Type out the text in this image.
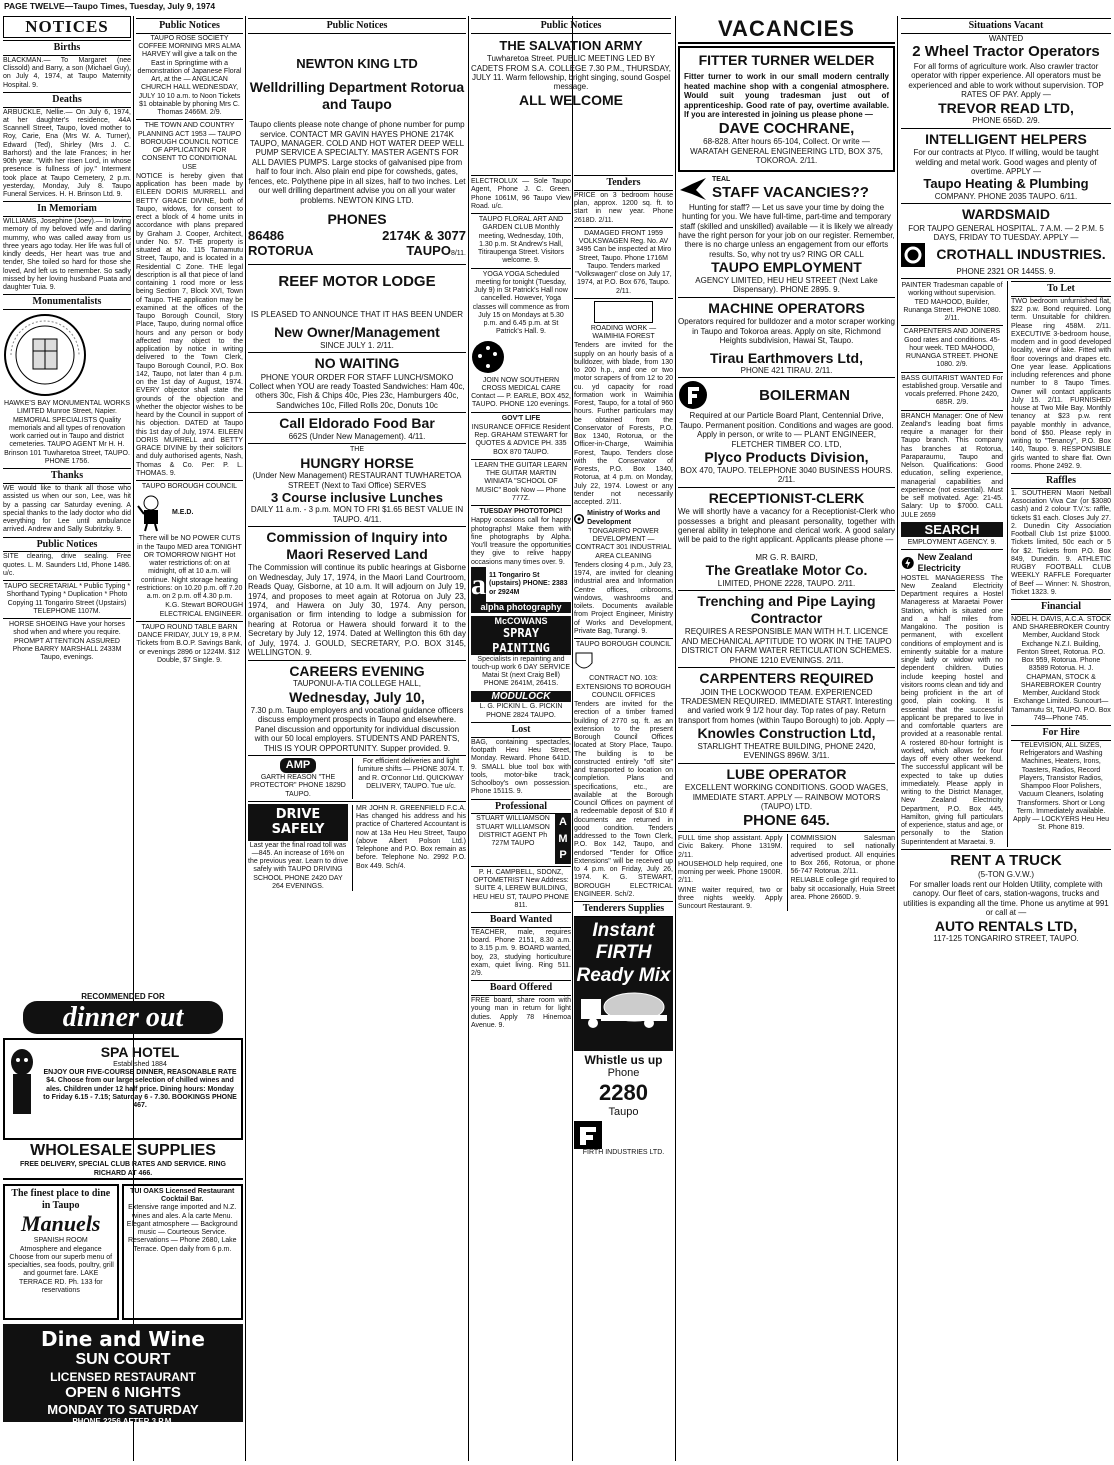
PAGE TWELVE—Taupo Times, Tuesday, July 9, 1974
NOTICES
Births
BLACKMAN.— To Margaret (nee Clissold) and Barry, a son (Michael Guy), on July 4, 1974, at Taupo Maternity Hospital. 9.
Deaths
ARBUCKLE, Nellie.— On July 6, 1974, at her daughter's residence, 44A Scannell Street, Taupo, loved mother to Roy, Carie, Ena (Mrs W. A. Turner), Edward (Ted), Shirley (Mrs J. C. Barhorst) and the late Frances; in her 90th year. "With her risen Lord, in whose presence is fullness of joy." Interment took place at Taupo Cemetery, 2 p.m. yesterday, Monday, July 8. Taupo Funeral Services. H. H. Brinson Ltd. 9.
In Memoriam
WILLIAMS, Josephine (Joey).— In loving memory of my beloved wife and darling mummy, who was called away from us three years ago today. Her life was full of kindly deeds, Her heart was true and tender, She toiled so hard for those she loved, And left us to remember. So sadly missed by her loving husband Puata and daughter Tuia. 9.
Monumentalists
HAWKE'S BAY MONUMENTAL WORKS LIMITED Munroe Street, Napier. MEMORIAL SPECIALISTS Quality memorials and all types of renovation work carried out in Taupo and district cemeteries. TAUPO AGENT Mr H. H. Brinson 101 Tuwharetoa Street, TAUPO. PHONE 1756.
Thanks
WE would like to thank all those who assisted us when our son, Lee, was hit by a passing car Saturday evening. A special thanks to the lady doctor who did everything for Lee until ambulance arrived. Andrew and Sally Subritzky. 9.
Public Notices
SITE clearing, drive sealing. Free quotes. L. M. Saunders Ltd, Phone 1486. u/c.
TAUPO SECRETARIAL * Public Typing * Shorthand Typing * Duplication * Photo Copying 11 Tongariro Street (Upstairs) TELEPHONE 1107M.
HORSE SHOEING Have your horses shod when and where you require. PROMPT ATTENTION ASSURED Phone BARRY MARSHALL 2433M Taupo, evenings.
Public Notices
TAUPO ROSE SOCIETY COFFEE MORNING MRS ALMA HARVEY will give a talk on the East in Springtime with a demonstration of Japanese Floral Art, at the — ANGLICAN CHURCH HALL WEDNESDAY, JULY 10 10 a.m. to Noon Tickets $1 obtainable by phoning Mrs C. Thomas 2466M. 2/9.
THE TOWN AND COUNTRY PLANNING ACT 1953 — TAUPO BOROUGH COUNCIL NOTICE OF APPLICATION FOR CONSENT TO CONDITIONAL USE
NOTICE is hereby given that application has been made by EILEEN DORIS MURRELL and BETTY GRACE DIVINE, both of Taupo, widows, for consent to erect a block of 4 home units in accordance with plans prepared by Graham J. Cooper, Architect, under No. 57. THE property is situated at No. 115 Tamamutu Street, Taupo, and is located in a Residential C Zone. THE legal description is all that piece of land containing 1 rood more or less being Section 7, Block XVI, Town of Taupo. THE application may be examined at the offices of the Taupo Borough Council, Story Place, Taupo, during normal office hours and any person or body affected may object to the application by notice in writing delivered to the Town Clerk, Taupo Borough Council, P.O. Box 142, Taupo, not later than 4 p.m. on the 1st day of August, 1974. EVERY objector shall state the grounds of the objection and whether the objector wishes to be heard by the Council in support of his objection. DATED at Taupo this 1st day of July, 1974. EILEEN DORIS MURRELL and BETTY GRACE DIVINE by their solicitors and duly authorised agents, Nash, Thomas & Co. Per: P. L. THOMAS. 9.
TAUPO BOROUGH COUNCIL
M.E.D.
There will be NO POWER CUTS in the Taupo MED area TONIGHT OR TOMORROW NIGHT Hot water restrictions of: on at midnight, off at 10 a.m. will continue. Night storage heating restrictions: on 10.20 p.m. off 7.20 a.m. on 2 p.m. off 4.30 p.m.
K.G. Stewart BOROUGH ELECTRICAL ENGINEER.
TAUPO ROUND TABLE BARN DANCE FRIDAY, JULY 19, 8 P.M. Tickets from B.O.P. Savings Bank, or evenings 2896 or 1224M. $12 Double, $7 Single. 9.
RECOMMENDED FOR
dinner out
SPA HOTEL
Established 1884
ENJOY OUR FIVE-COURSE DINNER, REASONABLE RATE $4. Choose from our large selection of chilled wines and ales. Children under 12 half price. Dining hours: Monday to Friday 6.15 - 7.15; Saturday 6 - 7.30. BOOKINGS PHONE 467.
WHOLESALE SUPPLIES
FREE DELIVERY, SPECIAL CLUB RATES AND SERVICE. RING RICHARD AT 466.
The finest place to dine in Taupo
Manuels
SPANISH ROOM
Atmosphere and elegance Choose from our superb menu of specialties, sea foods, poultry, grill and gourmet fare. LAKE TERRACE RD. Ph. 133 for reservations
TUI OAKS Licensed Restaurant Cocktail Bar.
Extensive range imported and N.Z. wines and ales. A la carte Menu. Elegant atmosphere — Background music — Courteous Service. Reservations — Phone 2680, Lake Terrace. Open daily from 6 p.m.
Dine and Wine
SUN COURT
LICENSED RESTAURANT
OPEN 6 NIGHTS
MONDAY TO SATURDAY
PHONE 2256 AFTER 3 P.M.
Public Notices
NEWTON KING LTD
Welldrilling Department Rotorua and Taupo
Taupo clients please note change of phone number for pump service. CONTACT MR GAVIN HAYES PHONE 2174K TAUPO, MANAGER. COLD AND HOT WATER DEEP WELL PUMP SERVICE A SPECIALTY. MASTER AGENTS FOR ALL DAVIES PUMPS. Large stocks of galvanised pipe from half to four inch. Also plain end pipe for cowsheds, gates, fences, etc. Polythene pipe in all sizes, half to two inches. Let our well drilling department advise you on all your water problems. NEWTON KING LTD.
PHONES
86486	2174K & 3077
ROTORUA	TAUPO8/11.
REEF MOTOR LODGE
IS PLEASED TO ANNOUNCE THAT IT HAS BEEN UNDER
New Owner/Management
SINCE JULY 1. 2/11.
NO WAITING
PHONE YOUR ORDER FOR STAFF LUNCH/SMOKO Collect when YOU are ready Toasted Sandwiches: Ham 40c, others 30c, Fish & Chips 40c, Pies 23c, Hamburgers 40c, Sandwiches 10c, Filled Rolls 20c, Donuts 10c
Call Eldorado Food Bar
662S (Under New Management). 4/11.
THE
HUNGRY HORSE
(Under New Management) RESTAURANT TUWHARETOA STREET (Next to Taxi Office) SERVES
3 Course inclusive Lunches
DAILY 11 a.m. - 3 p.m. MON TO FRI $1.65 BEST VALUE IN TAUPO. 4/11.
Commission of Inquiry into Maori Reserved Land
The Commission will continue its public hearings at Gisborne on Wednesday, July 17, 1974, in the Maori Land Courtroom, Reads Quay, Gisborne, at 10 a.m. It will adjourn on July 19, 1974, and proposes to meet again at Rotorua on July 23, 1974, and Hawera on July 30, 1974. Any person, organisation or firm intending to lodge a submission for hearing at Rotorua or Hawera should forward it to the Secretary by July 12, 1974. Dated at Wellington this 6th day of July, 1974. J. GOULD, SECRETARY, P.O. BOX 3145, WELLINGTON. 9.
CAREERS EVENING
TAUPONUI-A-TIA COLLEGE HALL,
Wednesday, July 10,
7.30 p.m. Taupo employers and vocational guidance officers discuss employment prospects in Taupo and elsewhere. Panel discussion and opportunity for individual discussion with our 50 local employers. STUDENTS AND PARENTS, THIS IS YOUR OPPORTUNITY. Supper provided. 9.
AMP
GARTH REASON "THE PROTECTOR" PHONE 1829D TAUPO.
For efficient deliveries and light furniture shifts — PHONE 3074. T. and R. O'Connor Ltd. QUICKWAY DELIVERY, TAUPO. Tue u/c.
DRIVE SAFELY
Last year the final road toll was —845. An increase of 16% on the previous year. Learn to drive safely with TAUPO DRIVING SCHOOL PHONE 2420 DAY 264 EVENINGS.
MR JOHN R. GREENFIELD F.C.A. Has changed his address and his practice of Chartered Accountant is now at 13a Heu Heu Street, Taupo (above Albert Polson Ltd.) Telephone and P.O. Box remain as before. Telephone No. 2992 P.O. Box 449. Sch/4.
Public Notices
THE SALVATION ARMY
Tuwharetoa Street. PUBLIC MEETING LED BY CADETS FROM S.A. COLLEGE 7.30 P.M., THURSDAY, JULY 11. Warm fellowship, bright singing, sound Gospel message.
ALL WELCOME
ELECTROLUX — Sole Taupo Agent, Phone J. C. Green. Phone 1061M, 96 Taupo View Road. u/c.
TAUPO FLORAL ART AND GARDEN CLUB Monthly meeting, Wednesday, 10th, 1.30 p.m. St Andrew's Hall, Titiraupenga Street. Visitors welcome. 9.
YOGA YOGA Scheduled meeting for tonight (Tuesday, July 9) in St Patrick's Hall now cancelled. However, Yoga classes will commence as from July 15 on Mondays at 5.30 p.m. and 6.45 p.m. at St Patrick's Hall. 9.
JOIN NOW SOUTHERN CROSS MEDICAL CARE Contact — P. EARLE, BOX 452, TAUPO. PHONE 120 evenings.
GOV'T LIFE
INSURANCE OFFICE Resident Rep. GRAHAM STEWART for QUOTES & ADVICE PH. 335 BOX 870 TAUPO.
LEARN THE GUITAR LEARN THE GUITAR MARTIN WINIATA "SCHOOL OF MUSIC" Book Now — Phone 777Z.
TUESDAY PHOTOTOPIC!
Happy occasions call for happy photographs! Make them with fine photographs by Alpha. You'll treasure the opportunities they give to relive happy occasions many times over. 9.
a 11 Tongariro St (upstairs) PHONE: 2383 or 2924M
alpha photography
McCOWANS
SPRAY PAINTING
Specialists in repainting and touch-up work 6 DAY SERVICE Matai St (next Craig Bell) PHONE 2641M, 2641S.
MODULOCK
L. G. PICKIN L. G. PICKIN PHONE 2824 TAUPO.
Lost
BAG, containing spectacles, footpath Heu Heu Street, Monday. Reward. Phone 641D. 9. SMALL blue tool box with tools, motor-bike track, Schoolboy's own possession. Phone 1511S. 9.
Professional
STUART WILLIAMSON STUART WILLIAMSON DISTRICT AGENT Ph 727M TAUPO
A M P
P. H. CAMPBELL, SDONZ, OPTOMETRIST New Address: SUITE 4, LEREW BUILDING, HEU HEU ST, TAUPO PHONE 811.
Board Wanted
TEACHER, male, requires board. Phone 2151, 8.30 a.m. to 3.15 p.m. 9. BOARD wanted, boy, 23, studying horticulture exam, quiet living. Ring 511. 2/9.
Board Offered
FREE board, share room with young man in return for light duties. Apply 78 Hinemoa Avenue. 9.
Tenders
PRICE on 3 bedroom house plan, approx. 1200 sq. ft. to start in new year. Phone 2618D. 2/11.
DAMAGED FRONT 1959 VOLKSWAGEN Reg. No. AV 3495 Can be inspected at Miro Street, Taupo. Phone 1716M Taupo. Tenders marked "Volkswagen" close on July 17, 1974, at P.O. Box 676, Taupo. 2/11.
ROADING WORK — WAIMIHIA FOREST
Tenders are invited for the supply on an hourly basis of a bulldozer, with blade, from 130 to 200 h.p., and one or two motor scrapers of from 12 to 20 cu. yd capacity for road formation work in Waimihia Forest, Taupo, for a total of 960 hours. Further particulars may be obtained from the Conservator of Forests, P.O. Box 1340, Rotorua, or the Officer-in-Charge, Waimihia Forest, Taupo. Tenders close with the Conservator of Forests, P.O. Box 1340, Rotorua, at 4 p.m. on Monday, July 22, 1974. Lowest or any tender not necessarily accepted. 2/11.
Ministry of Works and Development
TONGARIRO POWER DEVELOPMENT — CONTRACT 301 INDUSTRIAL AREA CLEANING
Tenders closing 4 p.m., July 23, 1974, are invited for cleaning industrial area and Information Centre offices, cribrooms, windows, washrooms and toilets. Documents available from Project Engineer, Ministry of Works and Development, Private Bag, Turangi. 9.
TAUPO BOROUGH COUNCIL
CONTRACT NO. 103: EXTENSIONS TO BOROUGH COUNCIL OFFICES
Tenders are invited for the erection of a timber framed building of 2770 sq. ft. as an extension to the present Borough Council Offices located at Story Place, Taupo. The building is to be constructed entirely "off site" and transported to location on completion. Plans and specifications, etc., are available at the Borough Council Offices on payment of a redeemable deposit of $10 if documents are returned in good condition. Tenders addressed to the Town Clerk, P.O. Box 142, Taupo, and endorsed "Tender for Office Extensions" will be received up to 4 p.m. on Friday, July 26, 1974. K. G. STEWART, BOROUGH ELECTRICAL ENGINEER. Sch/2.
Tenderers Supplies
Instant
FIRTH
Ready Mix
Whistle us up
Phone
2280
Taupo
FIRTH INDUSTRIES LTD.
VACANCIES
FITTER TURNER WELDER
Fitter turner to work in our small modern centrally heated machine shop with a congenial atmosphere. Would suit young tradesman just out of apprenticeship. Good rate of pay, overtime available. If you are interested in joining us please phone —
DAVE COCHRANE,
68-828. After hours 65-104, Collect. Or write — WARATAH GENERAL ENGINEERING LTD, BOX 375, TOKOROA. 2/11.
TEAL
STAFF VACANCIES??
Hunting for staff? — Let us save your time by doing the hunting for you. We have full-time, part-time and temporary staff (skilled and unskilled) available — it is likely we already have the right person for your job on our register. Remember, there is no charge unless an engagement from our efforts results. So, why not try us? RING OR CALL
TAUPO EMPLOYMENT
AGENCY LIMITED, HEU HEU STREET (Next Lake Dispensary). PHONE 2895. 9.
MACHINE OPERATORS
Operators required for bulldozer and a motor scraper working in Taupo and Tokoroa areas. Apply on site, Richmond Heights subdivision, Hawai St, Taupo.
Tirau Earthmovers Ltd,
PHONE 421 TIRAU. 2/11.
BOILERMAN
Required at our Particle Board Plant, Centennial Drive, Taupo. Permanent position. Conditions and wages are good. Apply in person, or write to — PLANT ENGINEER, FLETCHER TIMBER CO. LTD,
Plyco Products Division,
BOX 470, TAUPO. TELEPHONE 3040 BUSINESS HOURS. 2/11.
RECEPTIONIST-CLERK
We will shortly have a vacancy for a Receptionist-Clerk who possesses a bright and pleasant personality, together with general ability in telephone and clerical work. A good salary will be paid to the right applicant. Applicants please phone —
MR G. R. BAIRD,
The Greatlake Motor Co.
LIMITED, PHONE 2228, TAUPO. 2/11.
Trenching and Pipe Laying Contractor
REQUIRES A RESPONSIBLE MAN WITH H.T. LICENCE AND MECHANICAL APTITUDE TO WORK IN THE TAUPO DISTRICT ON FARM WATER RETICULATION SCHEMES. PHONE 1210 EVENINGS. 2/11.
CARPENTERS REQUIRED
JOIN THE LOCKWOOD TEAM. EXPERIENCED TRADESMEN REQUIRED. IMMEDIATE START. Interesting and varied work 9 1/2 hour day. Top rates of pay. Return transport from homes (within Taupo Borough) to job. Apply —
Knowles Construction Ltd,
STARLIGHT THEATRE BUILDING, PHONE 2420, EVENINGS 896W. 3/11.
LUBE OPERATOR
EXCELLENT WORKING CONDITIONS. GOOD WAGES, IMMEDIATE START. APPLY — RAINBOW MOTORS (TAUPO) LTD.
PHONE 645.
FULL time shop assistant. Apply Civic Bakery. Phone 1319M. 2/11.
HOUSEHOLD help required, one morning per week. Phone 1900R. 2/11.
WINE waiter required, two or three nights weekly. Apply Suncourt Restaurant. 9.
COMMISSION Salesman required to sell nationally advertised product. All enquiries to Box 266, Rotorua, or phone 56-747 Rotorua. 2/11.
RELIABLE college girl required to baby sit occasionally, Huia Street area. Phone 2660D. 9.
Situations Vacant
WANTED
2 Wheel Tractor Operators
For all forms of agriculture work. Also crawler tractor operator with ripper experience. All operators must be experienced and able to work without supervision. TOP RATES OF PAY. Apply —
TREVOR READ LTD,
PHONE 656D. 2/9.
INTELLIGENT HELPERS
For our contracts at Plyco. If willing, would be taught welding and metal work. Good wages and plenty of overtime. APPLY —
Taupo Heating & Plumbing
COMPANY. PHONE 2035 TAUPO. 6/11.
WARDSMAID
FOR TAUPO GENERAL HOSPITAL. 7 A.M. — 2 P.M. 5 DAYS, FRIDAY TO TUESDAY. APPLY —
CROTHALL INDUSTRIES.
PHONE 2321 OR 1445S. 9.
PAINTER Tradesman capable of working without supervision. TED MAHOOD, Builder, Runanga Street. PHONE 1080. 2/11.
CARPENTERS AND JOINERS Good rates and conditions. 45-hour week. TED MAHOOD, RUNANGA STREET. PHONE 1080. 2/9.
BASS GUITARIST WANTED For established group. Versatile and vocals preferred. Phone 2420, 685R. 2/9.
BRANCH Manager: One of New Zealand's leading boat firms require a manager for their Taupo branch. This company has branches at Rotorua, Paraparaumu, Taupo and Nelson. Qualifications: Good education, selling experience, managerial capabilities and experience (not essential). Must be self motivated. Age: 21-45. Salary: Up to $7000. CALL JULE 2659
SEARCH
EMPLOYMENT AGENCY. 9.
New Zealand Electricity
HOSTEL MANAGERESS The New Zealand Electricity Department requires a Hostel Manageress at Maraetai Power Station, which is situated one and a half miles from Mangakino. The position is permanent, with excellent conditions of employment and is eminently suitable for a mature single lady or widow with no dependent children. Duties include keeping hostel and visitors rooms clean and tidy and being proficient in the art of good, plain cooking. It is essential that the successful applicant be prepared to live in and comfortable quarters are provided at a reasonable rental. A rostered 80-hour fortnight is worked, which allows for four days off every other weekend. The successful applicant will be expected to take up duties immediately. Please apply in writing to the District Manager, New Zealand Electricity Department, P.O. Box 445, Hamilton, giving full particulars of experience, status and age, or personally to the Station Superintendent at Maraetai. 9.
To Let
TWO bedroom unfurnished flat, $22 p.w. Bond required. Long term. Unsuitable for children. Please ring 458M. 2/11. EXECUTIVE 3-bedroom house, modern and in good developed locality, view of lake. Fitted with floor coverings and drapes etc. One year lease. Applications including references and phone number to 8 Taupo Times. Owner will contact applicants July 15. 2/11. FURNISHED house at Two Mile Bay. Monthly tenancy at $23 p.w. rent payable monthly in advance, bond of $50. Please reply in writing to "Tenancy", P.O. Box 140, Taupo. 9. RESPONSIBLE girls wanted to share flat. Own rooms. Phone 2492. 9.
Raffles
1. SOUTHERN Maori Netball Association Viva Car (or $3080 cash) and 2 colour T.V.'s: raffle, tickets $1 each. Closes July 27. 2. Dunedin City Association Football Club 1st prize $1000. Tickets limited, 50c each or 5 for $2. Tickets from P.O. Box 849, Dunedin. 9. ATHLETIC RUGBY FOOTBALL CLUB WEEKLY RAFFLE Forequarter of Beef — Winner: N. Shostron, Ticket 1323. 9.
Financial
NOEL H. DAVIS, A.C.A. STOCK AND SHAREBROKER Country Member, Auckland Stock Exchange N.Z.I. Building, Fenton Street, Rotorua. P.O. Box 959, Rotorua. Phone 83589 Rotorua. H. J. CHAPMAN, STOCK & SHAREBROKER Country Member, Auckland Stock Exchange Limited. Suncourt—Tamamutu St, TAUPO. P.O. Box 749—Phone 745.
For Hire
TELEVISION, ALL SIZES, Refrigerators and Washing Machines, Heaters, Irons, Toasters, Radios, Record Players, Transistor Radios, Shampoo Floor Polishers, Vacuum Cleaners, Isolating Transformers. Short or Long Term. Immediately available. Apply — LOCKYERS Heu Heu St. Phone 819.
RENT A TRUCK
(5-TON G.V.W.)
For smaller loads rent our Holden Utility, complete with canopy. Our fleet of cars, station-wagons, trucks and utilities is expanding all the time. Phone us anytime at 991 or call at —
AUTO RENTALS LTD,
117-125 TONGARIRO STREET, TAUPO.
